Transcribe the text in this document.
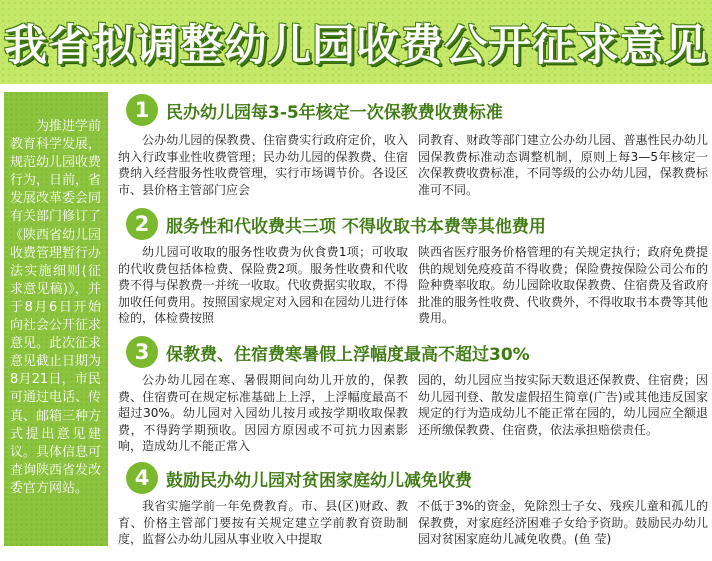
我省拟调整幼儿园收费公开征求意见
为推进学前教育科学发展，规范幼儿园收费行为，日前，省发展改革委会同有关部门修订了《陕西省幼儿园收费管理暂行办法实施细则(征求意见稿)》，并于8月6日开始向社会公开征求意见。此次征求意见截止日期为8月21日，市民可通过电话、传真、邮箱三种方式提出意见建议。具体信息可查询陕西省发改委官方网站。
1 民办幼儿园每3-5年核定一次保教费收费标准

公办幼儿园的保教费、住宿费实行政府定价，收入纳入行政事业性收费管理；民办幼儿园的保教费、住宿费纳入经营服务性收费管理，实行市场调节价。各设区市、县价格主管部门应会

同教育、财政等部门建立公办幼儿园、普惠性民办幼儿园保教费标准动态调整机制，原则上每3—5年核定一次保教费收费标准，不同等级的公办幼儿园，保教费标准可不同。

2 服务性和代收费共三项 不得收取书本费等其他费用

幼儿园可收取的服务性收费为伙食费1项；可收取的代收费包括体检费、保险费2项。服务性收费和代收费不得与保教费一并统一收取。代收费据实收取，不得加收任何费用。按照国家规定对入园和在园幼儿进行体检的，体检费按照

陕西省医疗服务价格管理的有关规定执行；政府免费提供的规划免疫疫苗不得收费；保险费按保险公司公布的险种费率收取。幼儿园除收取保教费、住宿费及省政府批准的服务性收费、代收费外，不得收取书本费等其他费用。

3 保教费、住宿费寒暑假上浮幅度最高不超过30%

公办幼儿园在寒、暑假期间向幼儿开放的，保教费、住宿费可在规定标准基础上上浮，上浮幅度最高不超过30%。幼儿园对入园幼儿按月或按学期收取保教费，不得跨学期预收。因园方原因或不可抗力因素影响，造成幼儿不能正常入

园的，幼儿园应当按实际天数退还保教费、住宿费；因幼儿园刊登、散发虚假招生简章(广告)或其他违反国家规定的行为造成幼儿不能正常在园的，幼儿园应全额退还所缴保教费、住宿费，依法承担赔偿责任。

4 鼓励民办幼儿园对贫困家庭幼儿减免收费

我省实施学前一年免费教育。市、县(区)财政、教育、价格主管部门要按有关规定建立学前教育资助制度，监督公办幼儿园从事业收入中提取

不低于3%的资金，免除烈士子女、残疾儿童和孤儿的保教费，对家庭经济困难子女给予资助。鼓励民办幼儿园对贫困家庭幼儿减免收费。(鱼 莹)
